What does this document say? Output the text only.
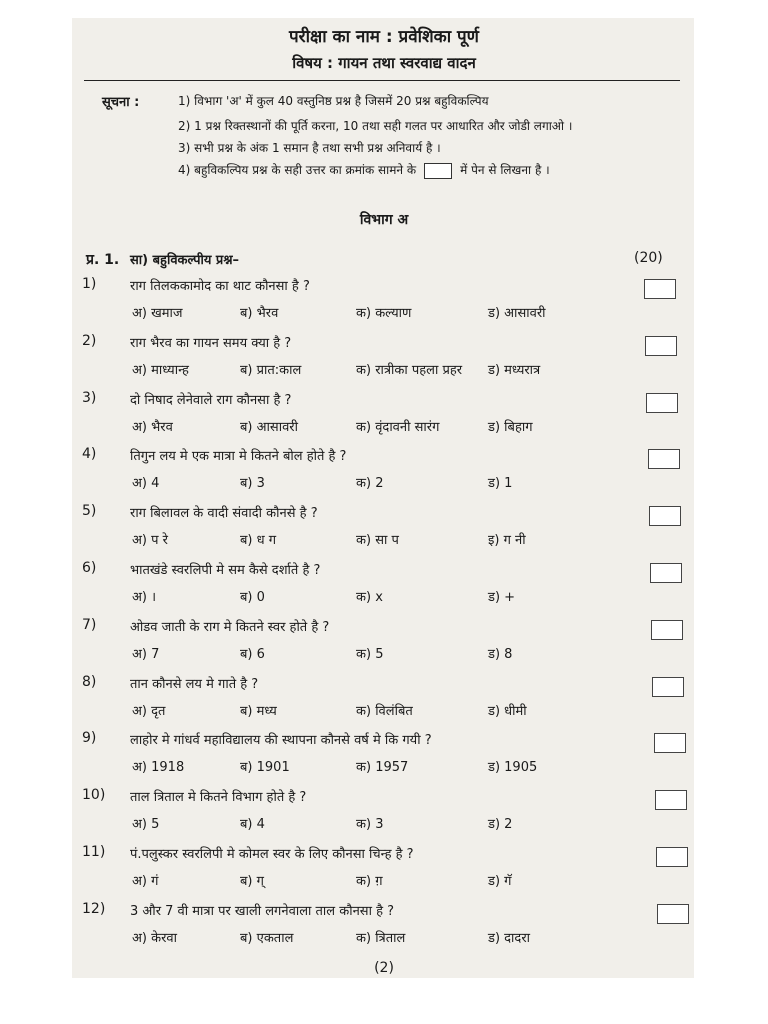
परीक्षा का नाम : प्रवेशिका पूर्ण
विषय : गायन तथा स्वरवाद्य वादन
सूचना :	1) विभाग 'अ' में कुल 40 वस्तुनिष्ठ प्रश्न है जिसमें 20 प्रश्न बहुविकल्पिय
2) 1 प्रश्न रिक्तस्थानों की पूर्ति करना, 10 तथा सही गलत पर आधारित और जोडी लगाओ ।
3) सभी प्रश्न के अंक 1 समान है तथा सभी प्रश्न अनिवार्य है ।
4) बहुविकल्पिय प्रश्न के सही उत्तर का क्रमांक सामने के	में पेन से लिखना है ।
विभाग अ
प्र. 1. सा) बहुविकल्पीय प्रश्न–	(20)
1)	राग तिलककामोद का थाट कौनसा है ?
अ) खमाज	ब) भैरव	क) कल्याण	ड) आसावरी
2)	राग भैरव का गायन समय क्या है ?
अ) माध्यान्ह	ब) प्रात:काल	क) रात्रीका पहला प्रहर ड) मध्यरात्र
3)	दो निषाद लेनेवाले राग कौनसा है ?
अ) भैरव	ब) आसावरी	क) वृंदावनी सारंग	ड) बिहाग
4)	तिगुन लय मे एक मात्रा मे कितने बोल होते है ?
अ) 4	ब) 3	क) 2	ड) 1
5)	राग बिलावल के वादी संवादी कौनसे है ?
अ) प रे	ब) ध ग	क) सा प	इ) ग नी
6)	भातखंडे स्वरलिपी मे सम कैसे दर्शाते है ?
अ) ।	ब) 0	क) x	ड) +
7)	ओडव जाती के राग मे कितने स्वर होते है ?
अ) 7	ब) 6	क) 5	ड) 8
8)	तान कौनसे लय मे गाते है ?
अ) दृत	ब) मध्य	क) विलंबित	ड) धीमी
9)	लाहोर मे गांधर्व महाविद्यालय की स्थापना कौनसे वर्ष मे कि गयी ?
अ) 1918	ब) 1901	क) 1957	ड) 1905
10) ताल त्रिताल मे कितने विभाग होते है ?
अ) 5	ब) 4	क) 3	ड) 2
11) पं.पलुस्कर स्वरलिपी मे कोमल स्वर के लिए कौनसा चिन्ह है ?
अ) गं	ब) ग्	क) ग़	ड) गॅ
12) 3 और 7 वी मात्रा पर खाली लगनेवाला ताल कौनसा है ?
अ) केरवा	ब) एकताल	क) त्रिताल	ड) दादरा
(2)
